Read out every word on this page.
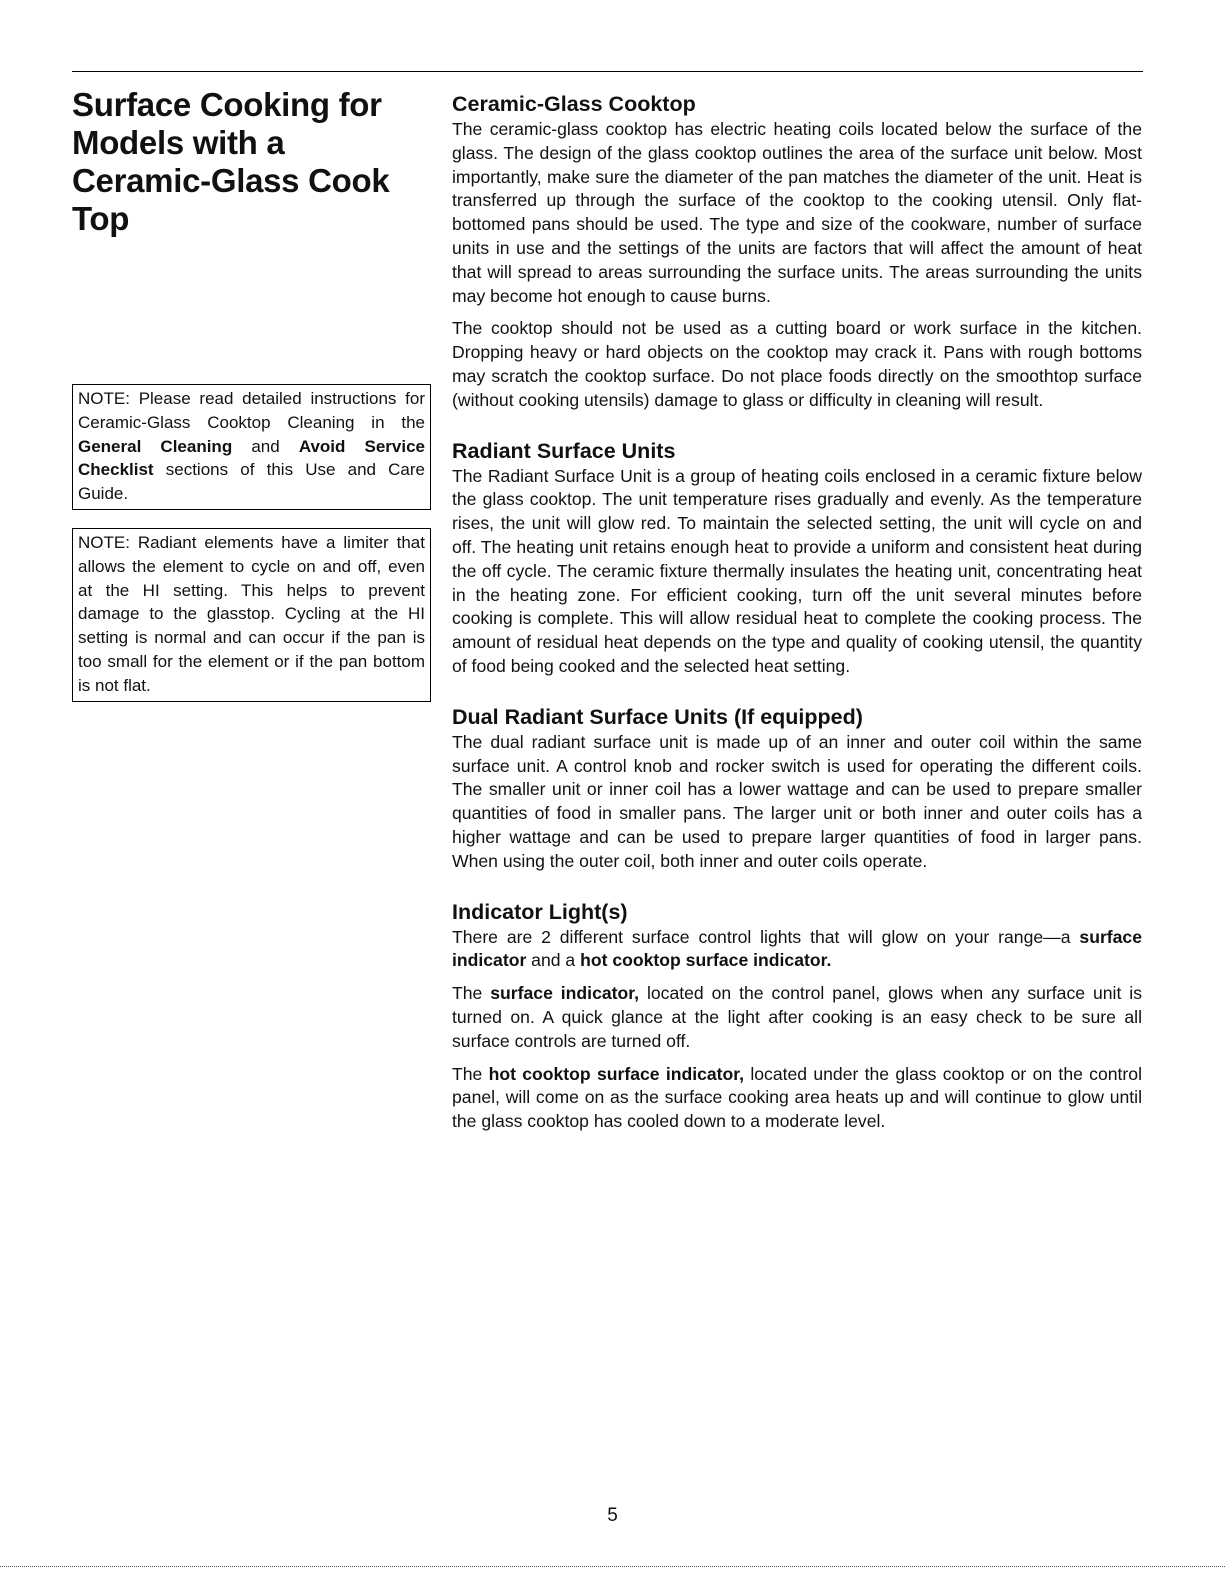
Surface Cooking for Models with a Ceramic-Glass Cook Top
NOTE: Please read detailed instructions for Ceramic-Glass Cooktop Cleaning in the General Cleaning and Avoid Service Checklist sections of this Use and Care Guide.
NOTE: Radiant elements have a limiter that allows the element to cycle on and off, even at the HI setting. This helps to prevent damage to the glasstop. Cycling at the HI setting is normal and can occur if the pan is too small for the element or if the pan bottom is not flat.
Ceramic-Glass Cooktop

The ceramic-glass cooktop has electric heating coils located below the surface of the glass. The design of the glass cooktop outlines the area of the surface unit below. Most importantly, make sure the diameter of the pan matches the diameter of the unit. Heat is transferred up through the surface of the cooktop to the cooking utensil. Only flat-bottomed pans should be used. The type and size of the cookware, number of surface units in use and the settings of the units are factors that will affect the amount of heat that will spread to areas surrounding the surface units. The areas surrounding the units may become hot enough to cause burns.

The cooktop should not be used as a cutting board or work surface in the kitchen. Dropping heavy or hard objects on the cooktop may crack it. Pans with rough bottoms may scratch the cooktop surface. Do not place foods directly on the smoothtop surface (without cooking utensils) damage to glass or difficulty in cleaning will result.

Radiant Surface Units

The Radiant Surface Unit is a group of heating coils enclosed in a ceramic fixture below the glass cooktop. The unit temperature rises gradually and evenly. As the temperature rises, the unit will glow red. To maintain the selected setting, the unit will cycle on and off. The heating unit retains enough heat to provide a uniform and consistent heat during the off cycle. The ceramic fixture thermally insulates the heating unit, concentrating heat in the heating zone. For efficient cooking, turn off the unit several minutes before cooking is complete. This will allow residual heat to complete the cooking process. The amount of residual heat depends on the type and quality of cooking utensil, the quantity of food being cooked and the selected heat setting.

Dual Radiant Surface Units (If equipped)

The dual radiant surface unit is made up of an inner and outer coil within the same surface unit. A control knob and rocker switch is used for operating the different coils. The smaller unit or inner coil has a lower wattage and can be used to prepare smaller quantities of food in smaller pans. The larger unit or both inner and outer coils has a higher wattage and can be used to prepare larger quantities of food in larger pans. When using the outer coil, both inner and outer coils operate.

Indicator Light(s)

There are 2 different surface control lights that will glow on your range—a surface indicator and a hot cooktop surface indicator.

The surface indicator, located on the control panel, glows when any surface unit is turned on. A quick glance at the light after cooking is an easy check to be sure all surface controls are turned off.

The hot cooktop surface indicator, located under the glass cooktop or on the control panel, will come on as the surface cooking area heats up and will continue to glow until the glass cooktop has cooled down to a moderate level.

5
